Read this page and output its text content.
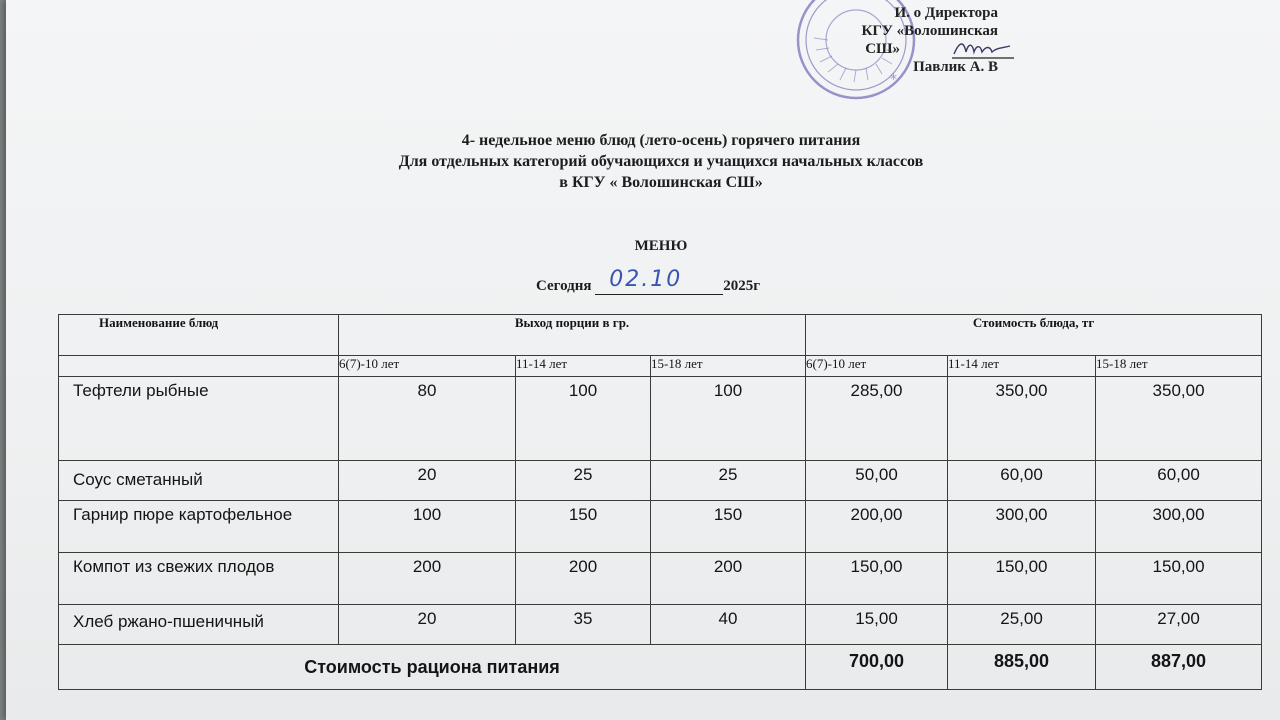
*
И. о Директора
КГУ «Волошинская
СШ»
Павлик А. В
4- недельное меню блюд (лето-осень) горячего питания
Для отдельных категорий обучающихся и учащихся начальных классов
в КГУ « Волошинская СШ»
МЕНЮ
Сегодня 02.10	2025г
Наименование блюд	Выход порции в гр.			Стоимость блюда, тг		
	6(7)-10 лет	11-14 лет	15-18 лет	6(7)-10 лет	11-14 лет	15-18 лет
Тефтели рыбные	80	100	100	285,00	350,00	350,00
Соус сметанный	20	25	25	50,00	60,00	60,00
Гарнир пюре картофельное	100	150	150	200,00	300,00	300,00
Компот из свежих плодов	200	200	200	150,00	150,00	150,00
Хлеб ржано-пшеничный	20	35	40	15,00	25,00	27,00
Стоимость рациона питания				700,00	885,00	887,00
